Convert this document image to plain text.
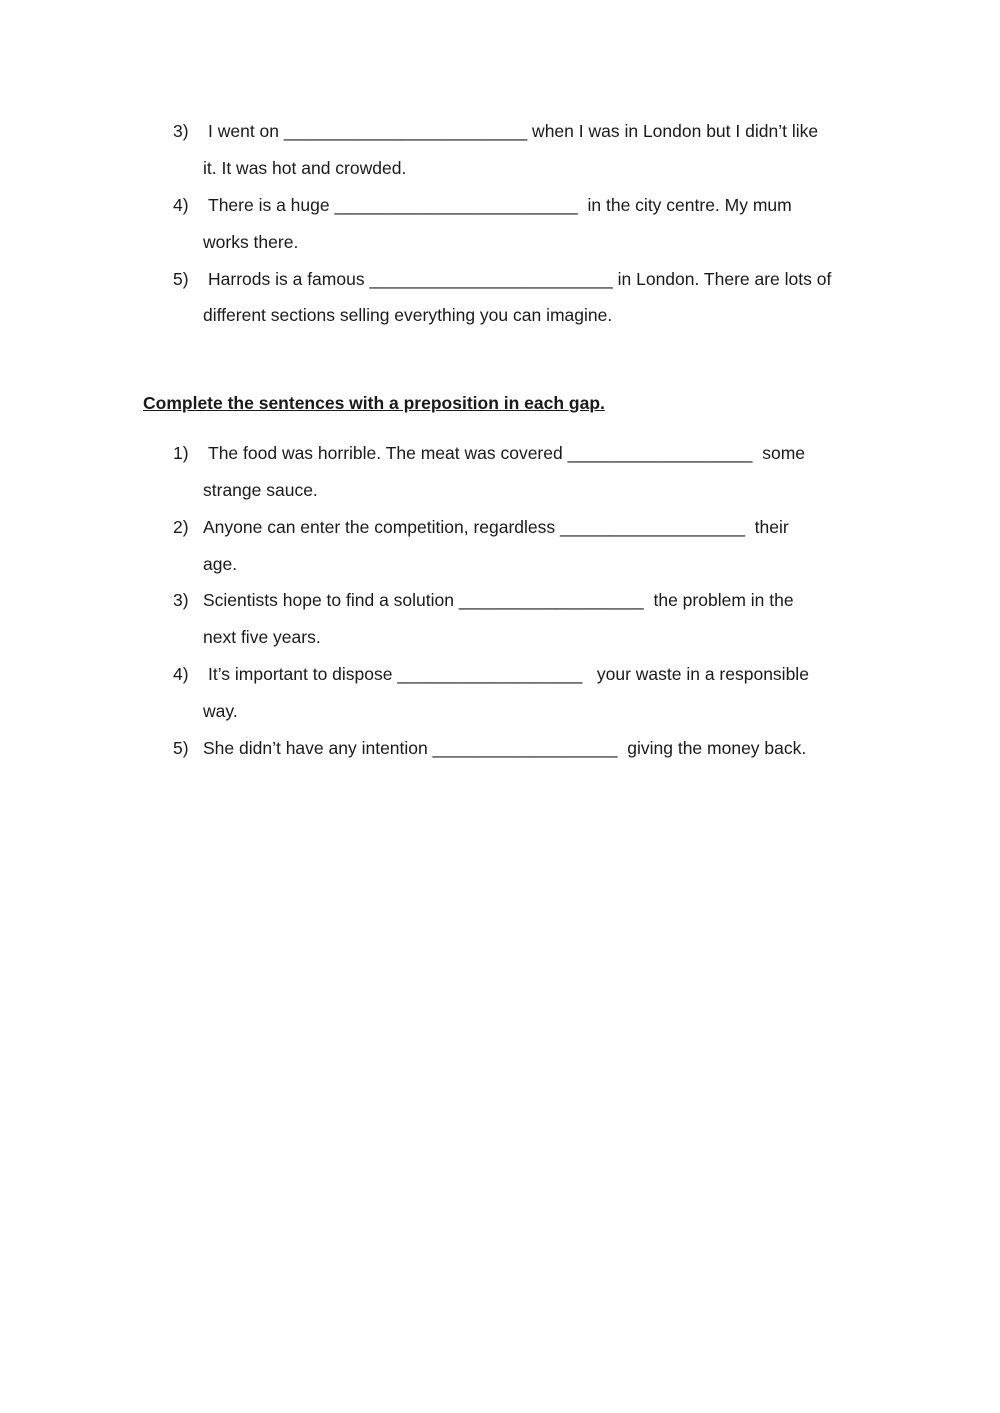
3) I went on _________________________ when I was in London but I didn’t like
it. It was hot and crowded.
4) There is a huge _________________________  in the city centre. My mum
works there.
5) Harrods is a famous _________________________ in London. There are lots of
different sections selling everything you can imagine.
Complete the sentences with a preposition in each gap.
1) The food was horrible. The meat was covered ___________________  some
strange sauce.
2) Anyone can enter the competition, regardless ___________________  their
age.
3) Scientists hope to find a solution ___________________  the problem in the
next five years.
4) It’s important to dispose ___________________   your waste in a responsible
way.
5) She didn’t have any intention ___________________  giving the money back.
